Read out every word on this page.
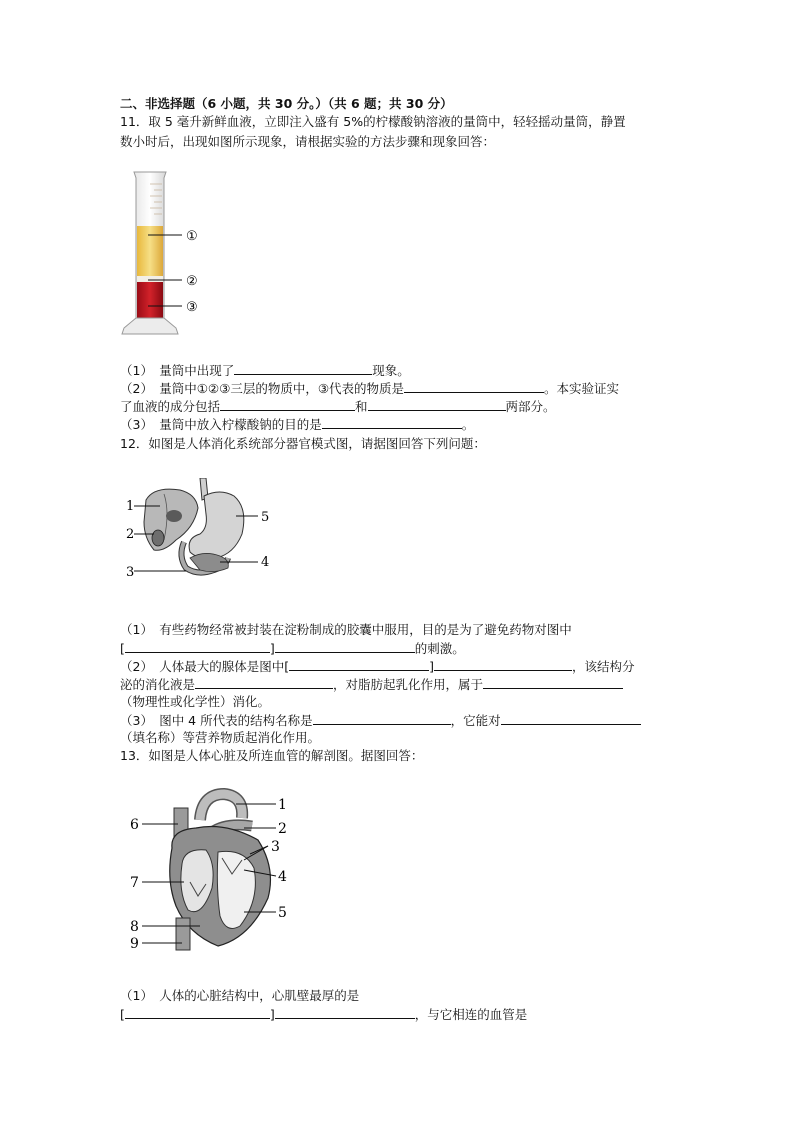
二、非选择题（6 小题，共 30 分。）（共 6 题；共 30 分）
11．取 5 毫升新鲜血液，立即注入盛有 5%的柠檬酸钠溶液的量筒中，轻轻摇动量筒，静置
数小时后，出现如图所示现象，请根据实验的方法步骤和现象回答：
①
②
③
（1）　量筒中出现了	现象。
（2）　量筒中①②③三层的物质中，③代表的物质是	。本实验证实
了血液的成分包括	和	两部分。
（3）　量筒中放入柠檬酸钠的目的是	。
12．如图是人体消化系统部分器官模式图，请据图回答下列问题：
1
2
3
4
5
（1）　有些药物经常被封装在淀粉制成的胶囊中服用，目的是为了避免药物对图中
[	]	的刺激。
（2）　人体最大的腺体是图中[	]	，该结构分
泌的消化液是	，对脂肪起乳化作用，属于
（物理性或化学性）消化。
（3）　图中 4 所代表的结构名称是	，它能对
（填名称）等营养物质起消化作用。
13．如图是人体心脏及所连血管的解剖图。据图回答：
1
2
3
4
5
6
7
8
9
（1）　人体的心脏结构中，心肌壁最厚的是
[	]	，与它相连的血管是
